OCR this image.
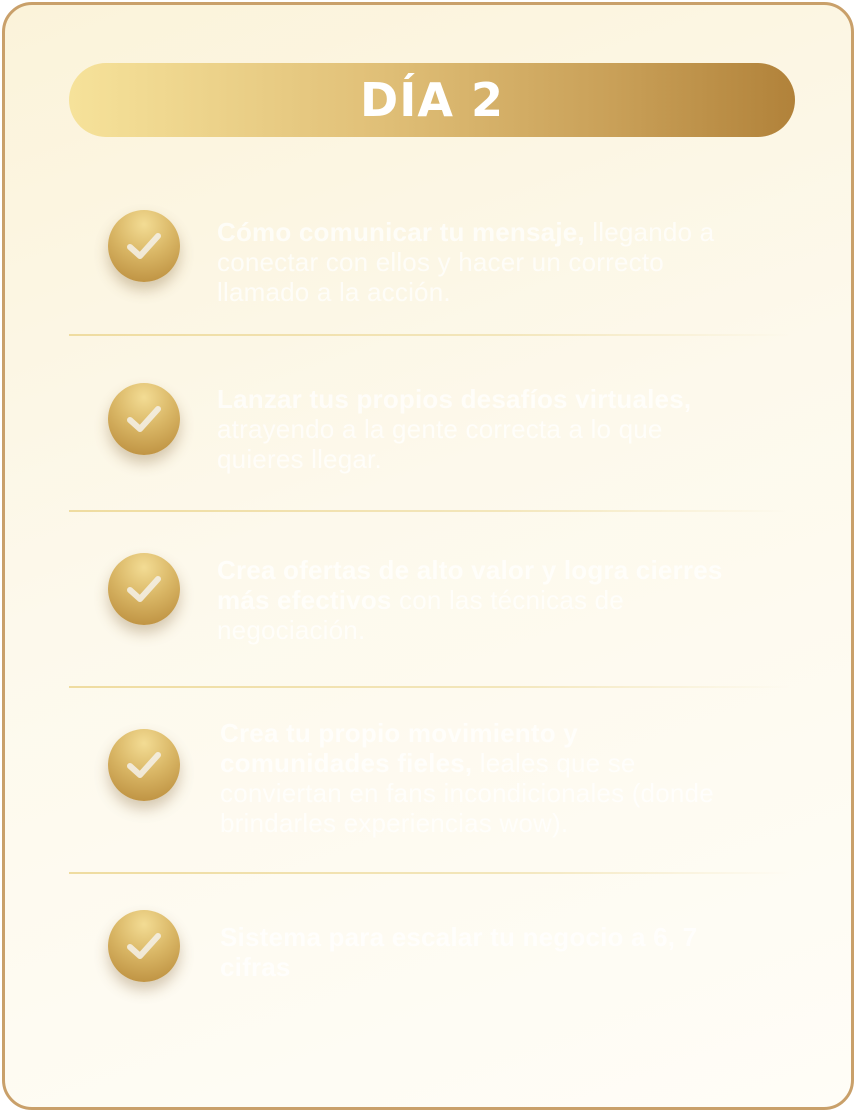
DÍA 2
Cómo comunicar tu mensaje, llegando a conectar con ellos y hacer un correcto llamado a la acción.
Lanzar tus propios desafíos virtuales, atrayendo a la gente correcta a lo que quieres llegar.
Crea ofertas de alto valor y logra cierres más efectivos con las técnicas de negociación.
Crea tu propio movimiento y comunidades fieles, leales que se conviertan en fans incondicionales (donde brindarles experiencias wow).
Sistema para escalar tu negocio a 6, 7 cifras
